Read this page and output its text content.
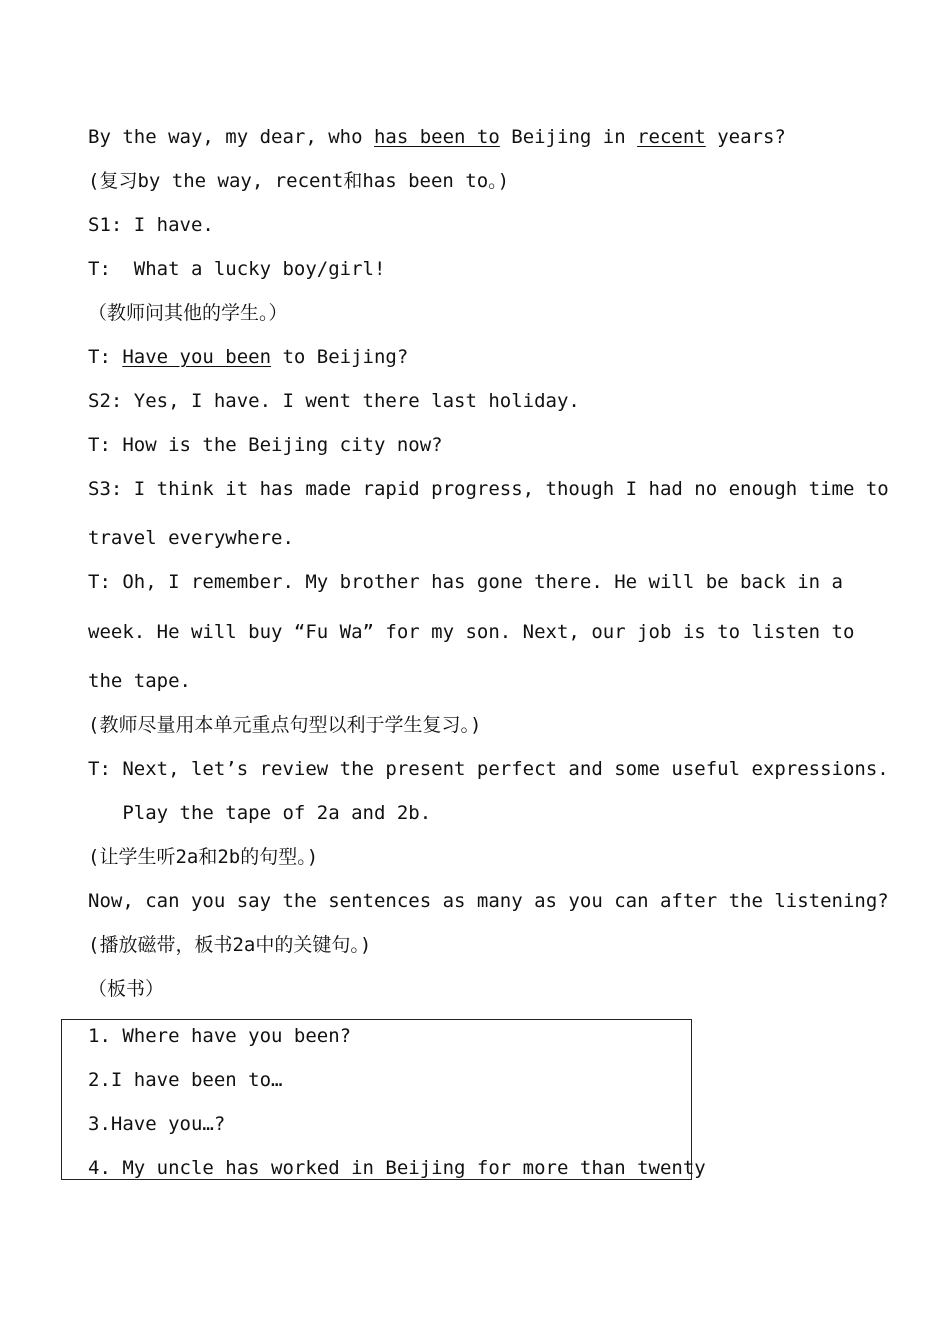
By the way, my dear, who has been to Beijing in recent years?
(复习by the way, recent和has been to。)
S1: I have.
T:  What a lucky boy/girl!
（教师问其他的学生。）
T: Have you been to Beijing?
S2: Yes, I have. I went there last holiday.
T: How is the Beijing city now?
S3: I think it has made rapid progress, though I had no enough time to
travel everywhere.
T: Oh, I remember. My brother has gone there. He will be back in a
week. He will buy “Fu Wa” for my son. Next, our job is to listen to
the tape.
(教师尽量用本单元重点句型以利于学生复习。)
T: Next, let’s review the present perfect and some useful expressions.
Play the tape of 2a and 2b.
(让学生听2a和2b的句型。)
Now, can you say the sentences as many as you can after the listening?
(播放磁带，板书2a中的关键句。)
（板书）
1. Where have you been?
2.I have been to…
3.Have you…?
4. My uncle has worked in Beijing for more than twenty
